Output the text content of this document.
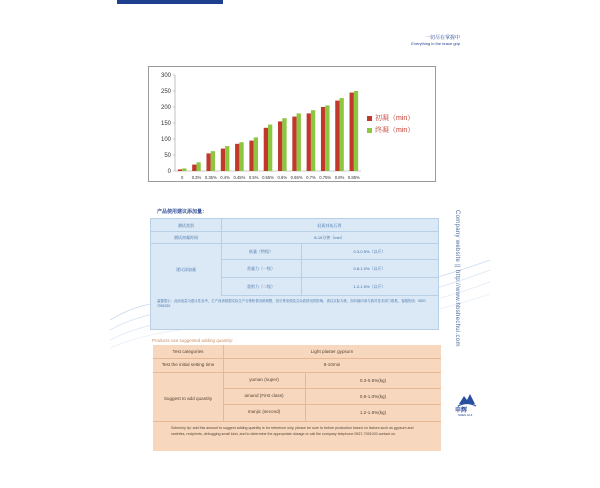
一切尽在掌握中
Everything in the brace grip
0
50
100
150
200
250
300
0 0.3% 0.35% 0.4% 0.45% 0.5% 0.55% 0.6% 0.65% 0.7% 0.75% 0.8% 0.85%
初凝（min）
终凝（min）
产品使用建议添加量：
测试类别	轻质抹灰石膏
测试初凝时间	8-10分钟（min）
建议添加量
低量（特级）	0.3-0.5%（以斤）
常量力（一级）	0.8-1.0%（以斤）
重剪力（二级）	1.2-1.5%（以斤）
温馨提示：此添加量为建议性参考，生产前请根据实际生产石膏粉情况做调整，因石膏来源及含杂质情况的影响，请以实际为准，如有疑问请与我司技术部门联系，客服热线：0537-7051020	Company website || http://www.hbshechui.com
Products use suggested adding quantity:
Test categories	Light plaster gypsum
Test the initial setting time	8-10min
Suggest to add quantity
yuman (super)	0.3-0.5%(kg)
amand (First class)	0.8-1.0%(kg)
manjic (second)	1.2-1.5%(kg)
Solemnly tip: add this amount to suggest adding quantity is for reference only, please be sure to before production based on factors such as gypsum and varieties, recipients, debugging small kind, and to determine the appropriate dosage or call the company telephone 0537-7051020 contact us.
申辉
SHEN HUI
